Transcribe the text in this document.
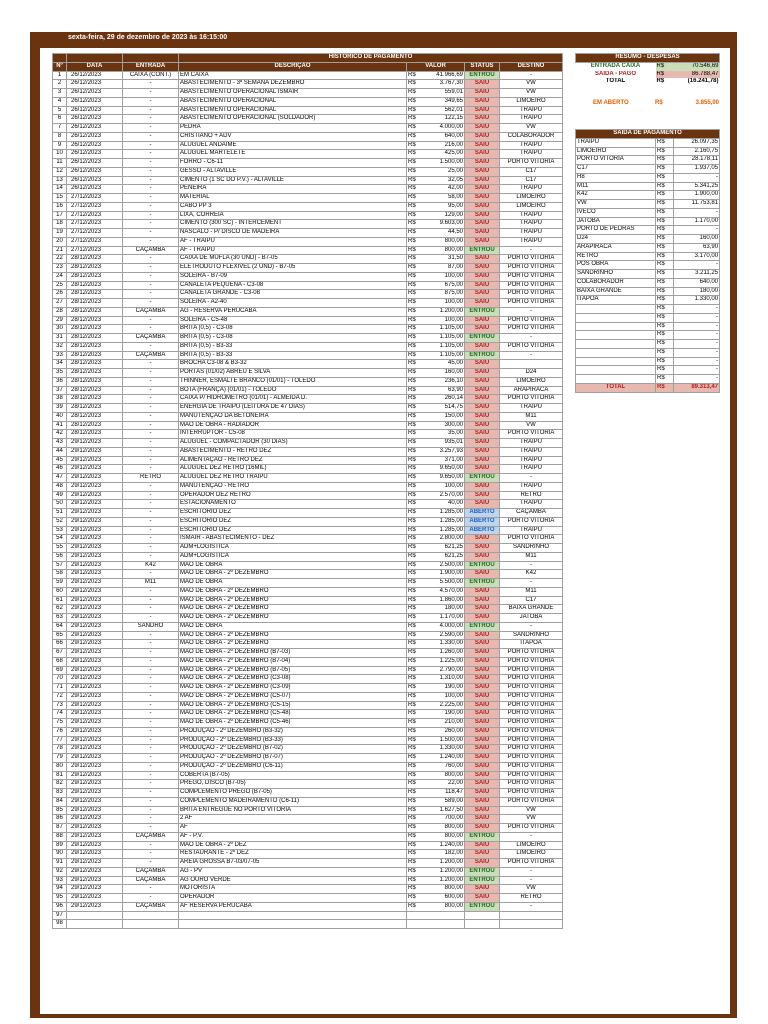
sexta-feira, 29 de dezembro de 2023 às 16:15:00
			HISTÓRICO DE PAGAMENTO			
Nº	DATA	ENTRADA	DESCRIÇÃO	VALOR	STATUS	DESTINO
1	26/12/2023	CAIXA (CONT.)	EM CAIXA	R$ 41.966,69	ENTROU	-
2	26/12/2023	-	ABASTECIMENTO - 3ª SEMANA DEZEMBRO	R$ 3.767,30	SAIU	VW
3	26/12/2023	-	ABASTECIMENTO OPERACIONAL ISMAIR	R$ 559,01	SAIU	VW
4	26/12/2023	-	ABASTECIMENTO OPERACIONAL	R$ 349,65	SAIU	LIMOEIRO
5	26/12/2023	-	ABASTECIMENTO OPERACIONAL	R$ 562,01	SAIU	TRAIPU
6	26/12/2023	-	ABASTECIMENTO OPERACIONAL (SOLDADOR)	R$ 122,15	SAIU	TRAIPU
7	26/12/2023	-	PEDRA	R$ 4.000,00	SAIU	VW
8	26/12/2023	-	CRISTIANO + ADV	R$ 640,00	SAIU	COLABORADOR
9	26/12/2023	-	ALUGUEL ANDAIME	R$ 216,00	SAIU	TRAIPU
10	26/12/2023	-	ALUGUEL MARTELETE	R$ 425,00	SAIU	TRAIPU
11	26/12/2023	-	FORRO - C6-11	R$ 1.500,00	SAIU	PORTO VITÓRIA
12	26/12/2023	-	GESSO - ALTAVILLE	R$ 25,00	SAIU	C17
13	26/12/2023	-	CIMENTO (1 SC DO P.V.) - ALTAVILLE	R$ 32,05	SAIU	C17
14	26/12/2023	-	PENEIRA	R$ 42,00	SAIU	TRAIPU
15	27/12/2023	-	MATERIAL	R$ 58,00	SAIU	LIMOEIRO
16	27/12/2023	-	CABO PP 3	R$ 95,00	SAIU	LIMOEIRO
17	27/12/2023	-	LIXA, CORREIA	R$ 129,00	SAIU	TRAIPU
18	27/12/2023	-	CIMENTO (300 SC) - INTERCEMENT	R$ 9.603,00	SAIU	TRAIPU
19	27/12/2023	-	NASCALO - P/ DISCO DE MADEIRA	R$ 44,50	SAIU	TRAIPU
20	27/12/2023	-	AF - TRAIPU	R$ 800,00	SAIU	TRAIPU
21	27/12/2023	CAÇAMBA	AF - TRAIPU	R$ 800,00	ENTROU	-
22	28/12/2023	-	CAIXA DE MUFLA (30 UND) - B7-05	R$ 31,50	SAIU	PORTO VITÓRIA
23	28/12/2023	-	ELETRODUTO FLEXÍVEL (2 UND) - B7-05	R$ 87,00	SAIU	PORTO VITÓRIA
24	28/12/2023	-	SOLEIRA - B7-09	R$ 100,00	SAIU	PORTO VITÓRIA
25	28/12/2023	-	CANALETA PEQUENA - C3-08	R$ 675,00	SAIU	PORTO VITÓRIA
26	28/12/2023	-	CANALETA GRANDE - C3-08	R$ 875,00	SAIU	PORTO VITÓRIA
27	28/12/2023	-	SOLEIRA - A2-40	R$ 100,00	SAIU	PORTO VITÓRIA
28	28/12/2023	CAÇAMBA	AG - RESERVA PERUCABA	R$ 1.200,00	ENTROU	-
29	28/12/2023	-	SOLEIRA - C5-48	R$ 100,00	SAIU	PORTO VITÓRIA
30	28/12/2023	-	BRITA (0,5) - C3-08	R$ 1.105,00	SAIU	PORTO VITÓRIA
31	28/12/2023	CAÇAMBA	BRITA (0,5) - C3-08	R$ 1.105,00	ENTROU	-
32	28/12/2023	-	BRITA (0,5) - B3-33	R$ 1.105,00	SAIU	PORTO VITÓRIA
33	28/12/2023	CAÇAMBA	BRITA (0,5) - B3-33	R$ 1.105,00	ENTROU	-
34	28/12/2023	-	BROCHA C3-08 & B3-32	R$ 45,00	SAIU	
35	28/12/2023	-	PORTAS (01/02) ABREU E SILVA	R$ 160,00	SAIU	D24
36	28/12/2023	-	THINNER, ESMALTE BRANCO (01/01) - TOLEDO	R$ 236,10	SAIU	LIMOEIRO
37	28/12/2023	-	BOTA (FRANÇA) (01/01) - TOLEDO	R$ 63,90	SAIU	ARAPIRACA
38	28/12/2023	-	CAIXA P/ HIDRÔMETRO (01/01) - ALMEIDA D.	R$ 260,14	SAIU	PORTO VITÓRIA
39	28/12/2023	-	ENERGIA DE TRAIPU (LEITURA DE 47 DIAS)	R$ 514,75	SAIU	TRAIPU
40	28/12/2023	-	MANUTENÇÃO DA BETONEIRA	R$ 150,00	SAIU	M11
41	28/12/2023	-	MÃO DE OBRA - RADIADOR	R$ 300,00	SAIU	VW
42	28/12/2023	-	INTERRUPTOR - C5-08	R$ 35,00	SAIU	PORTO VITÓRIA
43	29/12/2023	-	ALUGUEL - COMPACTADOR (30 DIAS)	R$ 935,01	SAIU	TRAIPU
44	29/12/2023	-	ABASTECIMENTO - RETRO DEZ	R$ 3.257,93	SAIU	TRAIPU
45	29/12/2023	-	ALIMENTAÇÃO - RETRO DEZ	R$ 371,00	SAIU	TRAIPU
46	29/12/2023	-	ALUGUEL DEZ RETRO (16MIL)	R$ 9.650,00	SAIU	TRAIPU
47	29/12/2023	RETRO	ALUGUEL DEZ RETRO TRAIPU	R$ 9.650,00	ENTROU	-
48	29/12/2023	-	MANUTENÇÃO - RETRO	R$ 100,00	SAIU	TRAIPU
49	29/12/2023	-	OPERADOR DEZ RETRO	R$ 2.570,00	SAIU	RETRO
50	29/12/2023	-	ESTACIONAMENTO	R$ 40,00	SAIU	TRAIPU
51	29/12/2023	-	ESCRITÓRIO DEZ	R$ 1.285,00	ABERTO	CAÇAMBA
52	29/12/2023	-	ESCRITÓRIO DEZ	R$ 1.285,00	ABERTO	PORTO VITÓRIA
53	29/12/2023	-	ESCRITÓRIO DEZ	R$ 1.285,00	ABERTO	TRAIPU
54	29/12/2023	-	ISMAIR - ABASTECIMENTO - DEZ	R$ 2.800,00	SAIU	PORTO VITÓRIA
55	29/12/2023	-	ADM+LOGÍSTICA	R$ 621,25	SAIU	SANDRINHO
56	29/12/2023	-	ADM+LOGÍSTICA	R$ 621,25	SAIU	M11
57	29/12/2023	K42	MÃO DE OBRA	R$ 2.500,00	ENTROU	-
58	29/12/2023	-	MÃO DE OBRA - 2º DEZEMBRO	R$ 1.900,00	SAIU	K42
59	29/12/2023	M11	MÃO DE OBRA	R$ 5.500,00	ENTROU	-
60	29/12/2023	-	MÃO DE OBRA - 2º DEZEMBRO	R$ 4.570,00	SAIU	M11
61	29/12/2023	-	MÃO DE OBRA - 2º DEZEMBRO	R$ 1.860,00	SAIU	C17
62	29/12/2023	-	MÃO DE OBRA - 2º DEZEMBRO	R$ 180,00	SAIU	BAIXA GRANDE
63	29/12/2023	-	MÃO DE OBRA - 2º DEZEMBRO	R$ 1.170,00	SAIU	JATOBÁ
64	29/12/2023	SANDRO	MÃO DE OBRA	R$ 4.000,00	ENTROU	-
65	29/12/2023	-	MÃO DE OBRA - 2º DEZEMBRO	R$ 2.590,00	SAIU	SANDRINHO
66	29/12/2023	-	MÃO DE OBRA - 2º DEZEMBRO	R$ 1.330,00	SAIU	ITAPOÃ
67	29/12/2023	-	MÃO DE OBRA - 2º DEZEMBRO (B7-03)	R$ 1.260,00	SAIU	PORTO VITÓRIA
68	29/12/2023	-	MÃO DE OBRA - 2º DEZEMBRO (B7-04)	R$ 1.225,00	SAIU	PORTO VITÓRIA
69	29/12/2023	-	MÃO DE OBRA - 2º DEZEMBRO (B7-05)	R$ 2.790,00	SAIU	PORTO VITÓRIA
70	29/12/2023	-	MÃO DE OBRA - 2º DEZEMBRO (C3-08)	R$ 1.310,00	SAIU	PORTO VITÓRIA
71	29/12/2023	-	MÃO DE OBRA - 2º DEZEMBRO (C3-09)	R$ 190,00	SAIU	PORTO VITÓRIA
72	29/12/2023	-	MÃO DE OBRA - 2º DEZEMBRO (C5-07)	R$ 100,00	SAIU	PORTO VITÓRIA
73	29/12/2023	-	MÃO DE OBRA - 2º DEZEMBRO (C5-15)	R$ 2.225,00	SAIU	PORTO VITÓRIA
74	29/12/2023	-	MÃO DE OBRA - 2º DEZEMBRO (C5-48)	R$ 190,00	SAIU	PORTO VITÓRIA
75	29/12/2023	-	MÃO DE OBRA - 2º DEZEMBRO (C5-46)	R$ 210,00	SAIU	PORTO VITÓRIA
76	29/12/2023	-	PRODUÇÃO - 2º DEZEMBRO (B3-32)	R$ 260,00	SAIU	PORTO VITÓRIA
77	29/12/2023	-	PRODUÇÃO - 2º DEZEMBRO (B3-33)	R$ 1.500,00	SAIU	PORTO VITÓRIA
78	29/12/2023	-	PRODUÇÃO - 2º DEZEMBRO (B7-02)	R$ 1.330,00	SAIU	PORTO VITÓRIA
79	29/12/2023	-	PRODUÇÃO - 2º DEZEMBRO (B7-07)	R$ 1.240,00	SAIU	PORTO VITÓRIA
80	29/12/2023	-	PRODUÇÃO - 2º DEZEMBRO (C6-11)	R$ 760,00	SAIU	PORTO VITÓRIA
81	29/12/2023	-	COBERTA (B7-05)	R$ 800,00	SAIU	PORTO VITÓRIA
82	29/12/2023	-	PREGO, DISCO (B7-05)	R$ 22,00	SAIU	PORTO VITÓRIA
83	29/12/2023	-	COMPLEMENTO PREGO (B7-05)	R$ 118,47	SAIU	PORTO VITÓRIA
84	29/12/2023	-	COMPLEMENTO MADEIRAMENTO (C6-11)	R$ 589,00	SAIU	PORTO VITÓRIA
85	29/12/2023	-	BRITA ENTREGUE NO PORTO VITÓRIA	R$ 1.627,50	SAIU	VW
86	29/12/2023	-	2 AF	R$ 700,00	SAIU	VW
87	29/12/2023	-	AF	R$ 800,00	SAIU	PORTO VITÓRIA
88	29/12/2023	CAÇAMBA	AF - P.V.	R$ 800,00	ENTROU	-
89	29/12/2023	-	MÃO DE OBRA - 2º DEZ	R$ 1.240,00	SAIU	LIMOEIRO
90	29/12/2023	-	RESTAURANTE - 2º DEZ	R$ 182,00	SAIU	LIMOEIRO
91	29/12/2023	-	AREIA GROSSA B7-03/07-05	R$ 1.200,00	SAIU	PORTO VITÓRIA
92	29/12/2023	CAÇAMBA	AG - PV	R$ 1.200,00	ENTROU	-
93	29/12/2023	CAÇAMBA	AG OURO VERDE	R$ 1.200,00	ENTROU	-
94	29/12/2023	-	MOTORISTA	R$ 800,00	SAIU	VW
95	29/12/2023	-	OPERADOR	R$ 600,00	SAIU	RETRO
96	29/12/2023	CAÇAMBA	AF RESERVA PERUCABA	R$ 800,00	ENTROU	-
97						
98						
RESUMO - DESPESAS		
ENTRADA CAIXA	R$	70.546,69
SAÍDA - PAGO	R$	86.788,47
TOTAL	R$	(16.241,78)
EM ABERTO	R$	3.855,00
SAÍDA DE PAGAMENTO		
TRAIPU	R$	26.097,35
LIMOEIRO	R$	2.160,75
PORTO VITÓRIA	R$	28.178,11
C17	R$	1.937,05
H8	R$	-
M11	R$	5.341,25
K42	R$	1.900,00
VW	R$	11.753,81
IVECO	R$	-
JATOBÁ	R$	1.170,00
PORTO DE PEDRAS	R$	-
D24	R$	160,00
ARAPIRACA	R$	63,90
RETRO	R$	3.170,00
PÓS OBRA	R$	-
SANDRINHO	R$	3.211,25
COLABORADOR	R$	640,00
BAIXA GRANDE	R$	180,00
ITAPOÃ	R$	1.330,00
	R$	-
	R$	-
	R$	-
	R$	-
	R$	-
	R$	-
	R$	-
	R$	-
	R$	-
TOTAL	R$	89.313,47
